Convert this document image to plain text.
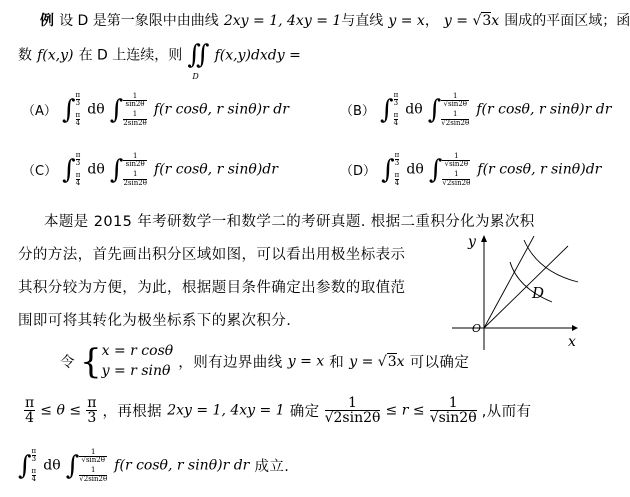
例 设 D 是第一象限中由曲线 2xy = 1, 4xy = 1与直线 y = x， y = √3x 围成的平面区域；函
数 f(x,y) 在 D 上连续，则 ∬
D
f(x,y)dxdy =
（A） ∫ π
3
π
4
dθ ∫	1
sin2θ
1
2sin2θ
f(r cosθ, r sinθ)r dr	（B） ∫ π
3
π
4
dθ ∫	1
√sin2θ
1
√2sin2θ
f(r cosθ, r sinθ)r dr
（C） ∫ π
3
π
4
dθ ∫	1
sin2θ
1
2sin2θ
f(r cosθ, r sinθ)dr	（D） ∫ π
3
π
4
dθ ∫	1
√sin2θ
1
√2sin2θ
f(r cosθ, r sinθ)dr
本题是 2015 年考研数学一和数学二的考研真题. 根据二重积分化为累次积
分的方法，首先画出积分区域如图，可以看出用极坐标表示
其积分较为方便，为此，根据题目条件确定出参数的取值范
围即可将其转化为极坐标系下的累次积分.
令 { x = r cosθ
y = r sinθ ，则有边界曲线 y = x 和 y = √3x 可以确定
$\frac{\pi}{4} \le \theta \le \frac{\pi}{3}$ ，再根据 2xy = 1, 4xy = 1 确定 $\frac{1}{√2\sin 2\theta} \le r \le \frac{1}{√\sin 2\theta}$ ,从而有
∫ π
3
π
4
dθ ∫	1
√sin2θ
1
√2sin2θ
f(r cosθ, r sinθ)r dr 成立.
D
y
x
O
